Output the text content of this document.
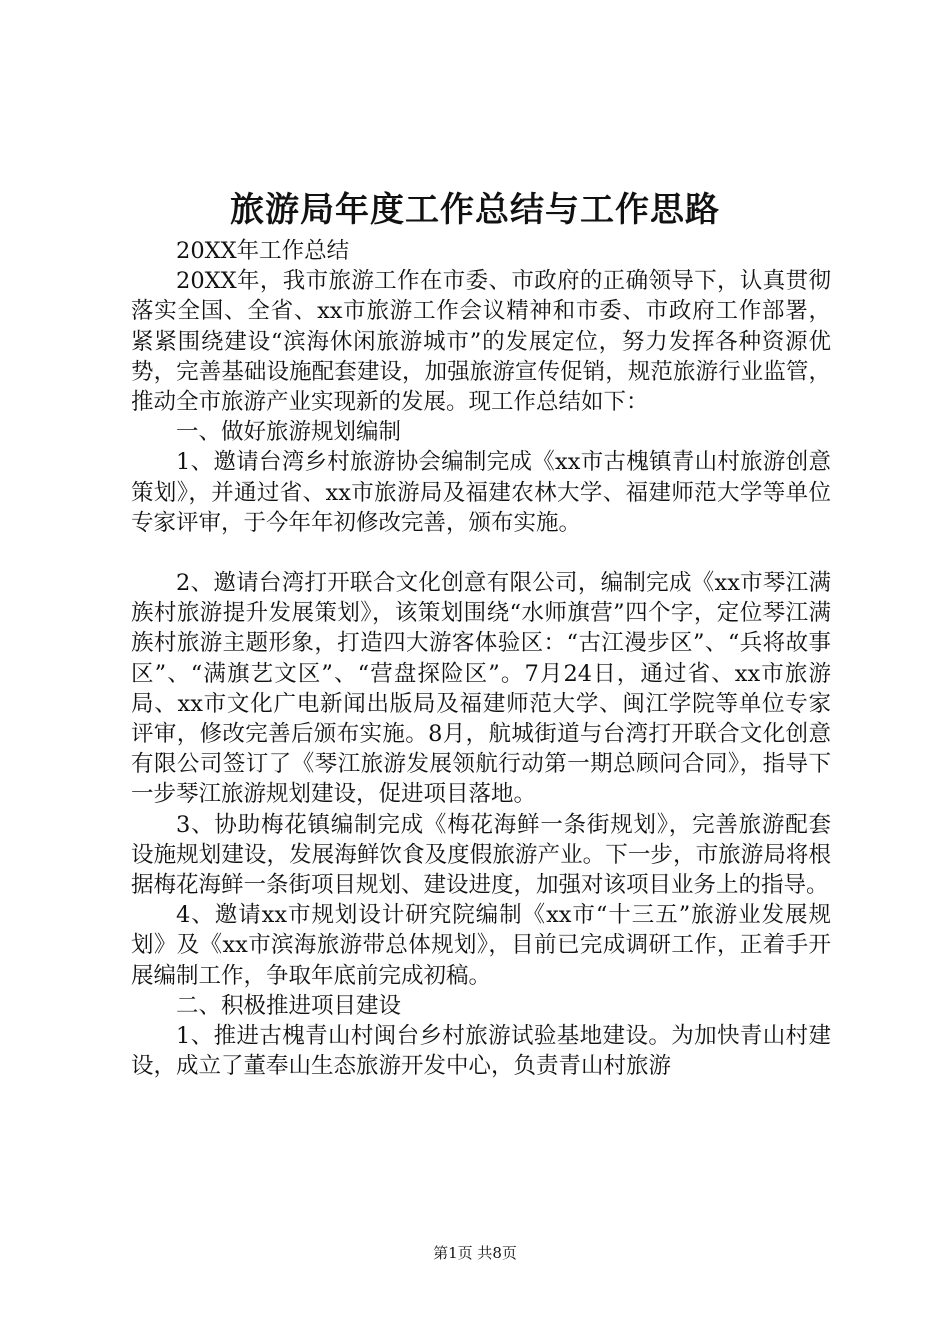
旅游局年度工作总结与工作思路

20XX年工作总结

20XX年，我市旅游工作在市委、市政府的正确领导下，认真贯彻落实全国、全省、xx市旅游工作会议精神和市委、市政府工作部署，紧紧围绕建设“滨海休闲旅游城市”的发展定位，努力发挥各种资源优势，完善基础设施配套建设，加强旅游宣传促销，规范旅游行业监管，推动全市旅游产业实现新的发展。现工作总结如下：

一、做好旅游规划编制

1、邀请台湾乡村旅游协会编制完成《xx市古槐镇青山村旅游创意策划》，并通过省、xx市旅游局及福建农林大学、福建师范大学等单位专家评审，于今年年初修改完善，颁布实施。

2、邀请台湾打开联合文化创意有限公司，编制完成《xx市琴江满族村旅游提升发展策划》，该策划围绕“水师旗营”四个字，定位琴江满族村旅游主题形象，打造四大游客体验区：“古江漫步区”、“兵将故事区”、“满旗艺文区”、“营盘探险区”。7月24日，通过省、xx市旅游局、xx市文化广电新闻出版局及福建师范大学、闽江学院等单位专家评审，修改完善后颁布实施。8月，航城街道与台湾打开联合文化创意有限公司签订了《琴江旅游发展领航行动第一期总顾问合同》，指导下一步琴江旅游规划建设，促进项目落地。

3、协助梅花镇编制完成《梅花海鲜一条街规划》，完善旅游配套设施规划建设，发展海鲜饮食及度假旅游产业。下一步，市旅游局将根据梅花海鲜一条街项目规划、建设进度，加强对该项目业务上的指导。

4、邀请xx市规划设计研究院编制《xx市“十三五”旅游业发展规划》及《xx市滨海旅游带总体规划》，目前已完成调研工作，正着手开展编制工作，争取年底前完成初稿。

二、积极推进项目建设

1、推进古槐青山村闽台乡村旅游试验基地建设。为加快青山村建设，成立了董奉山生态旅游开发中心，负责青山村旅游

第1页 共8页
